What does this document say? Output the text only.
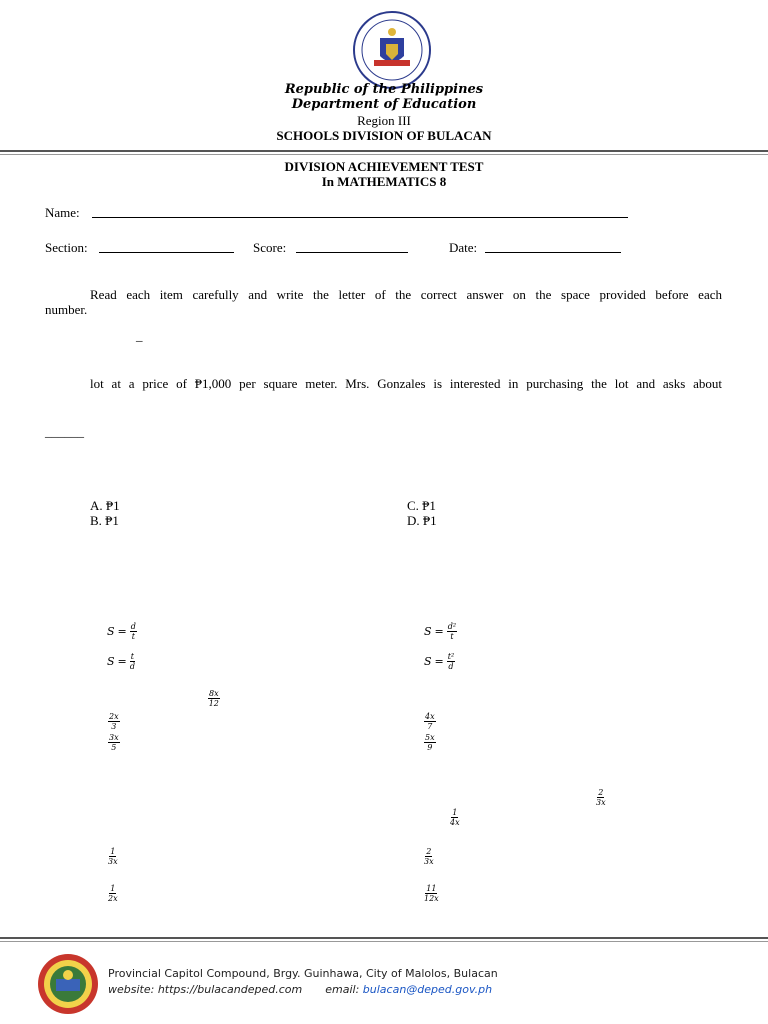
Republic of the Philippines
Department of Education
Region III
SCHOOLS DIVISION OF BULACAN
DIVISION ACHIEVEMENT TEST
In MATHEMATICS 8
Name:
Section:	Score:	Date:
Read each item carefully and write the letter of the correct answer on the space provided before each
number.
_
lot at a price of ₱1,000 per square meter. Mrs. Gonzales is interested in purchasing the lot and asks about
______
A. ₱1
B. ₱1
C. ₱1
D. ₱1
$S = \frac{d}{t}$
$S = \frac{t}{d}$
$S = \frac{\text{d²}}{t}$
$S = \frac{\text{t²}}{d}$
$\frac{8x}{12}$
$\frac{2x}{3}$
$\frac{3x}{5}$
$\frac{4x}{7}$
$\frac{5x}{9}$
$\frac{2}{3x}$
$\frac{1}{4x}$
$\frac{1}{3x}$
$\frac{1}{2x}$
$\frac{2}{3x}$
$\frac{11}{12x}$
Provincial Capitol Compound, Brgy. Guinhawa, City of Malolos, Bulacan
website: https://bulacandeped.com email: bulacan@deped.gov.ph
